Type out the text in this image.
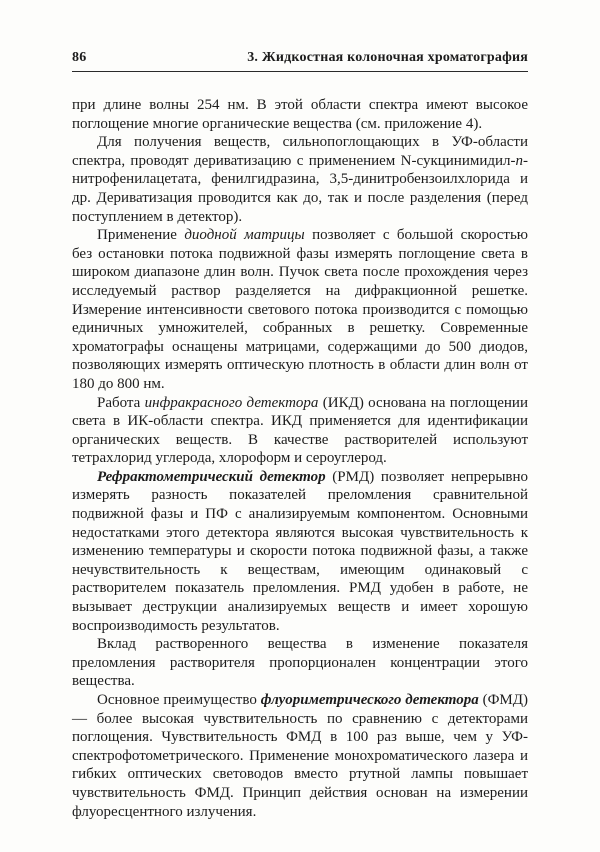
86	3. Жидкостная колоночная хроматография

при длине волны 254 нм. В этой области спектра имеют высокое поглощение многие органические вещества (см. приложение 4).

Для получения веществ, сильнопоглощающих в УФ-области спектра, проводят дериватизацию с применением N-сукцинимидил-п-нитрофенилацетата, фенилгидразина, 3,5-динитробензоилхлорида и др. Дериватизация проводится как до, так и после разделения (перед поступлением в детектор).

Применение диодной матрицы позволяет с большой скоростью без остановки потока подвижной фазы измерять поглощение света в широком диапазоне длин волн. Пучок света после прохождения через исследуемый раствор разделяется на дифракционной решетке. Измерение интенсивности светового потока производится с помощью единичных умножителей, собранных в решетку. Современные хроматографы оснащены матрицами, содержащими до 500 диодов, позволяющих измерять оптическую плотность в области длин волн от 180 до 800 нм.

Работа инфракрасного детектора (ИКД) основана на поглощении света в ИК-области спектра. ИКД применяется для идентификации органических веществ. В качестве растворителей используют тетрахлорид углерода, хлороформ и сероуглерод.

Рефрактометрический детектор (РМД) позволяет непрерывно измерять разность показателей преломления сравнительной подвижной фазы и ПФ с анализируемым компонентом. Основными недостатками этого детектора являются высокая чувствительность к изменению температуры и скорости потока подвижной фазы, а также нечувствительность к веществам, имеющим одинаковый с растворителем показатель преломления. РМД удобен в работе, не вызывает деструкции анализируемых веществ и имеет хорошую воспроизводимость результатов.

Вклад растворенного вещества в изменение показателя преломления растворителя пропорционален концентрации этого вещества.

Основное преимущество флуориметрического детектора (ФМД) — более высокая чувствительность по сравнению с детекторами поглощения. Чувствительность ФМД в 100 раз выше, чем у УФ-спектрофотометрического. Применение монохроматического лазера и гибких оптических световодов вместо ртутной лампы повышает чувствительность ФМД. Принцип действия основан на измерении флуоресцентного излучения.
